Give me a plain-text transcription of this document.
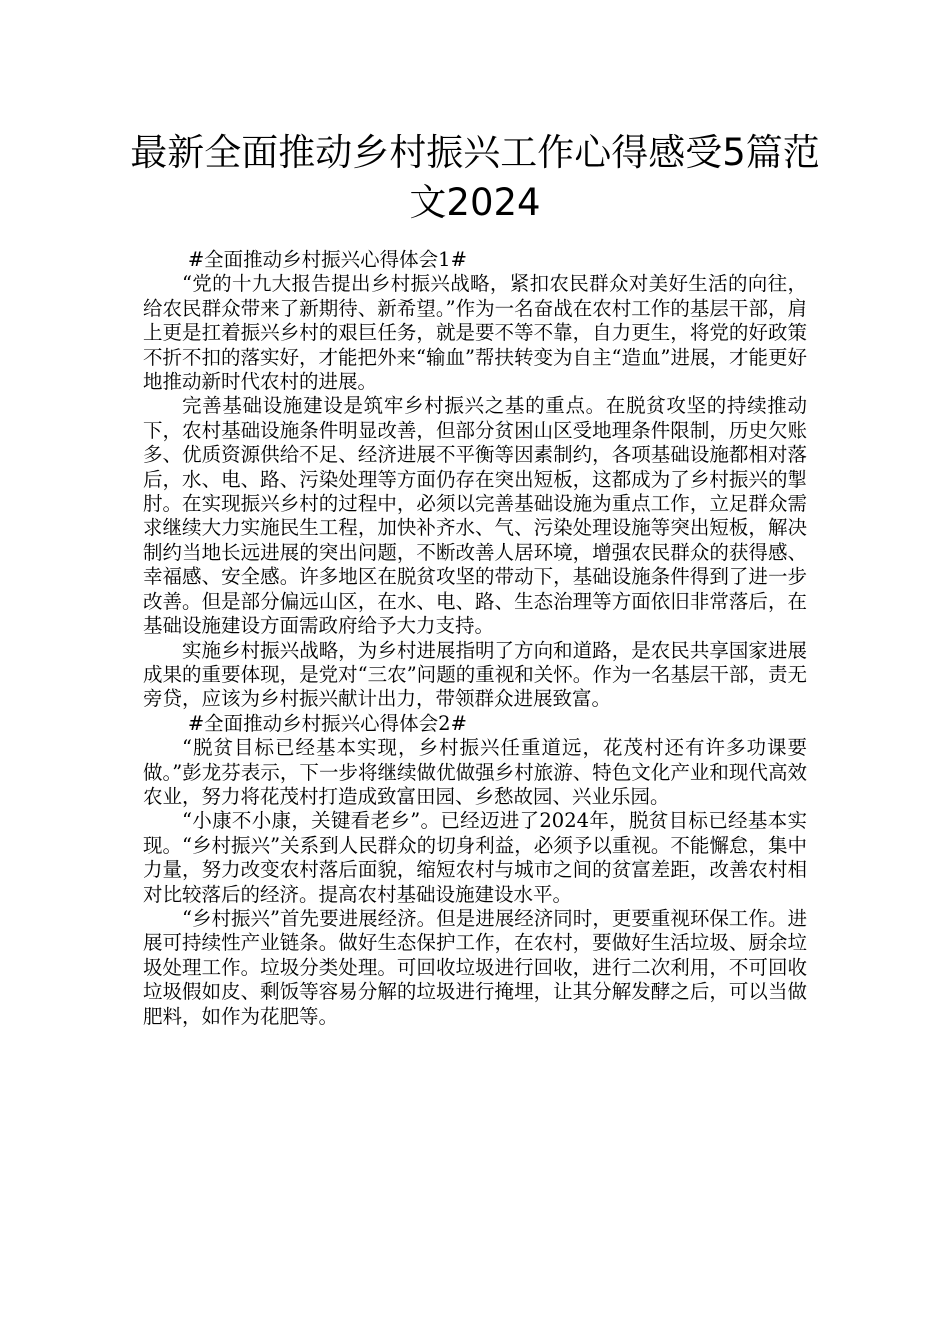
最新全面推动乡村振兴工作心得感受5篇范文2024

#全面推动乡村振兴心得体会1#

“党的十九大报告提出乡村振兴战略，紧扣农民群众对美好生活的向往，给农民群众带来了新期待、新希望。”作为一名奋战在农村工作的基层干部，肩上更是扛着振兴乡村的艰巨任务，就是要不等不靠，自力更生，将党的好政策不折不扣的落实好，才能把外来“输血”帮扶转变为自主“造血”进展，才能更好地推动新时代农村的进展。

完善基础设施建设是筑牢乡村振兴之基的重点。在脱贫攻坚的持续推动下，农村基础设施条件明显改善，但部分贫困山区受地理条件限制，历史欠账多、优质资源供给不足、经济进展不平衡等因素制约，各项基础设施都相对落后，水、电、路、污染处理等方面仍存在突出短板，这都成为了乡村振兴的掣肘。在实现振兴乡村的过程中，必须以完善基础设施为重点工作，立足群众需求继续大力实施民生工程，加快补齐水、气、污染处理设施等突出短板，解决制约当地长远进展的突出问题，不断改善人居环境，增强农民群众的获得感、幸福感、安全感。许多地区在脱贫攻坚的带动下，基础设施条件得到了进一步改善。但是部分偏远山区，在水、电、路、生态治理等方面依旧非常落后，在基础设施建设方面需政府给予大力支持。

实施乡村振兴战略，为乡村进展指明了方向和道路，是农民共享国家进展成果的重要体现，是党对“三农”问题的重视和关怀。作为一名基层干部，责无旁贷，应该为乡村振兴献计出力，带领群众进展致富。

#全面推动乡村振兴心得体会2#

“脱贫目标已经基本实现，乡村振兴任重道远，花茂村还有许多功课要做。”彭龙芬表示，下一步将继续做优做强乡村旅游、特色文化产业和现代高效农业，努力将花茂村打造成致富田园、乡愁故园、兴业乐园。

“小康不小康，关键看老乡”。已经迈进了2024年，脱贫目标已经基本实现。“乡村振兴”关系到人民群众的切身利益，必须予以重视。不能懈怠，集中力量，努力改变农村落后面貌，缩短农村与城市之间的贫富差距，改善农村相对比较落后的经济。提高农村基础设施建设水平。

“乡村振兴”首先要进展经济。但是进展经济同时，更要重视环保工作。进展可持续性产业链条。做好生态保护工作，在农村，要做好生活垃圾、厨余垃圾处理工作。垃圾分类处理。可回收垃圾进行回收，进行二次利用，不可回收垃圾假如皮、剩饭等容易分解的垃圾进行掩埋，让其分解发酵之后，可以当做肥料，如作为花肥等。
